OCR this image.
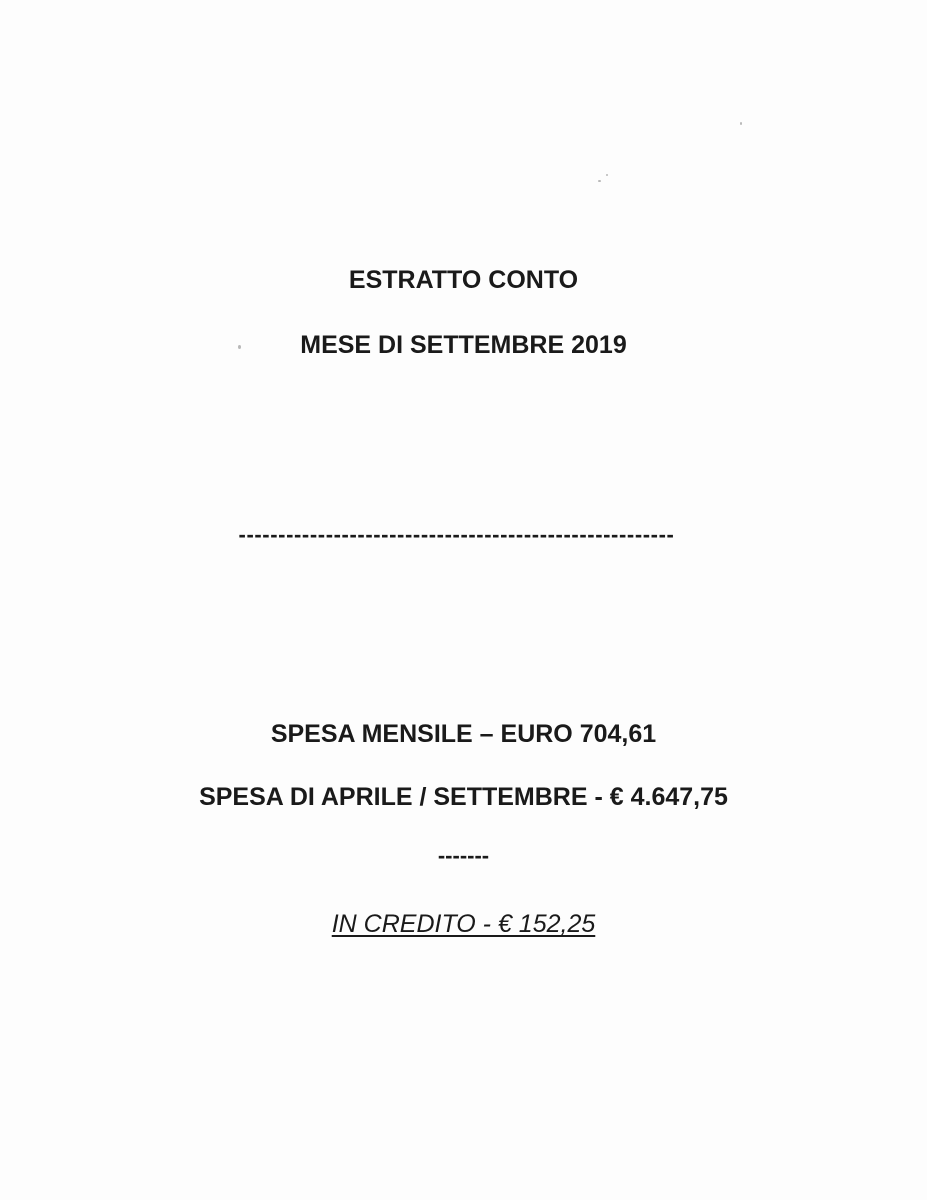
ESTRATTO CONTO
MESE DI SETTEMBRE 2019
-------------------------------------------------------
SPESA MENSILE – EURO 704,61
SPESA DI APRILE / SETTEMBRE - € 4.647,75
-------
IN CREDITO - € 152,25
